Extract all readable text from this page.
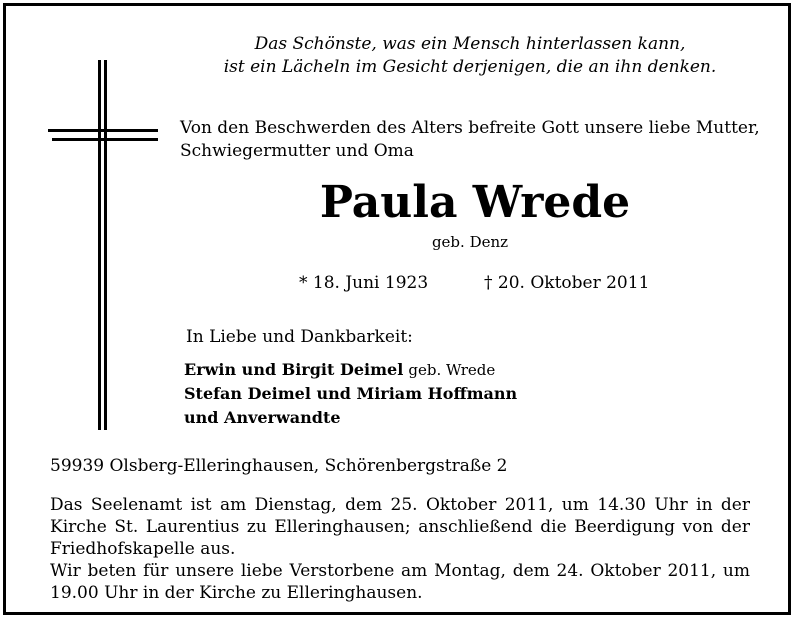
Das Schönste, was ein Mensch hinterlassen kann,
ist ein Lächeln im Gesicht derjenigen, die an ihn denken.
Von den Beschwerden des Alters befreite Gott unsere liebe Mutter,
Schwiegermutter und Oma
Paula Wrede
geb. Denz
* 18. Juni 1923	† 20. Oktober 2011
In Liebe und Dankbarkeit:
Erwin und Birgit Deimel geb. Wrede
Stefan Deimel und Miriam Hoffmann
und Anverwandte
59939 Olsberg-Elleringhausen, Schörenbergstraße 2

Das Seelenamt ist am Dienstag, dem 25. Oktober 2011, um 14.30 Uhr in der Kirche St. Laurentius zu Elleringhausen; anschließend die Beerdigung von der Friedhofskapelle aus.

Wir beten für unsere liebe Verstorbene am Montag, dem 24. Oktober 2011, um 19.00 Uhr in der Kirche zu Elleringhausen.
